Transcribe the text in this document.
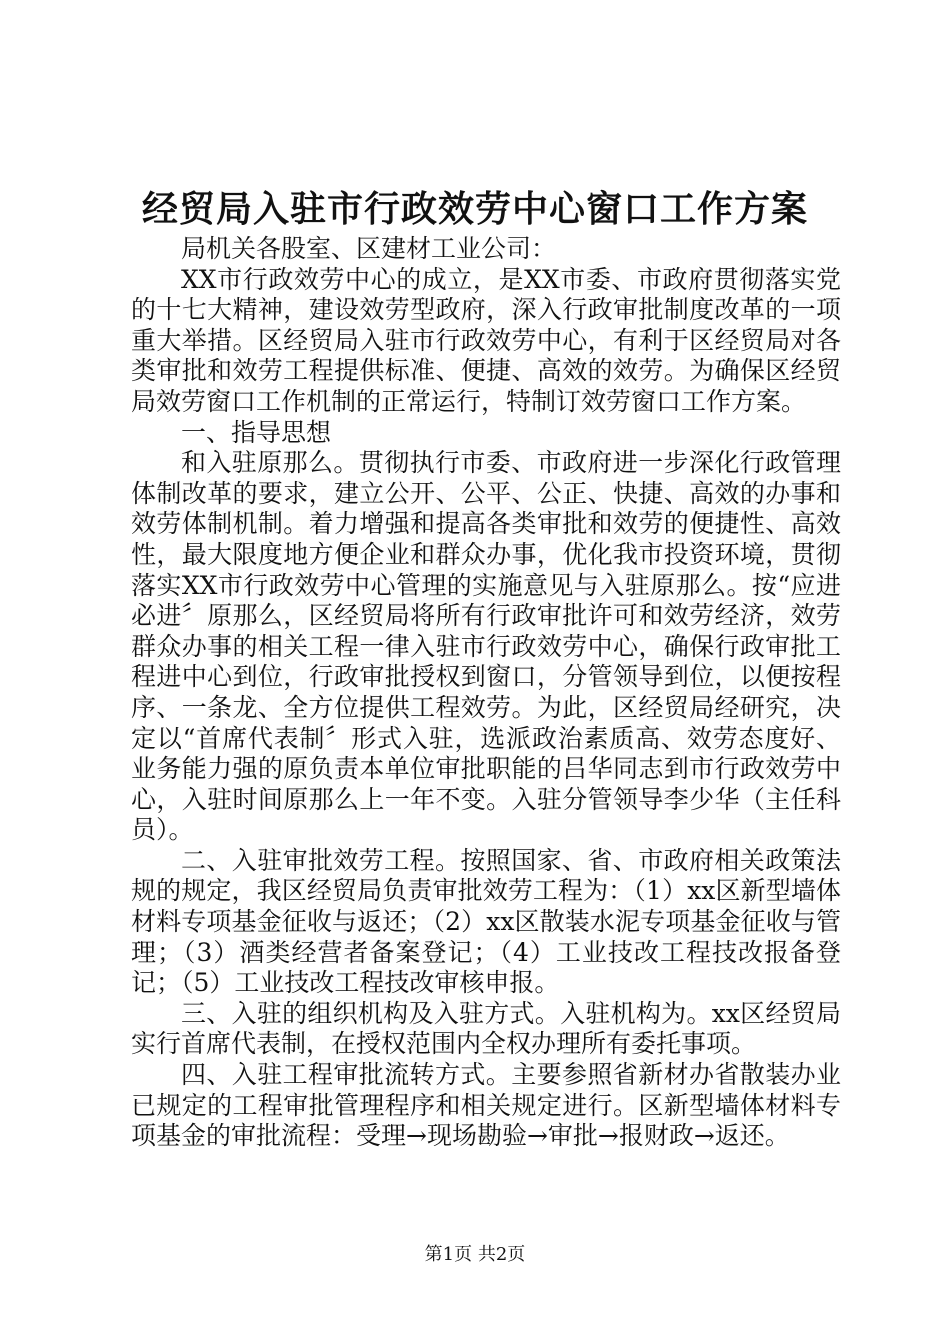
经贸局入驻市行政效劳中心窗口工作方案

局机关各股室、区建材工业公司：

XX市行政效劳中心的成立，是XX市委、市政府贯彻落实党的十七大精神，建设效劳型政府，深入行政审批制度改革的一项重大举措。区经贸局入驻市行政效劳中心，有利于区经贸局对各类审批和效劳工程提供标准、便捷、高效的效劳。为确保区经贸局效劳窗口工作机制的正常运行，特制订效劳窗口工作方案。

一、指导思想

和入驻原那么。贯彻执行市委、市政府进一步深化行政管理体制改革的要求，建立公开、公平、公正、快捷、高效的办事和效劳体制机制。着力增强和提高各类审批和效劳的便捷性、高效性，最大限度地方便企业和群众办事，优化我市投资环境，贯彻落实XX市行政效劳中心管理的实施意见与入驻原那么。按“应进必进〞原那么，区经贸局将所有行政审批许可和效劳经济，效劳群众办事的相关工程一律入驻市行政效劳中心，确保行政审批工程进中心到位，行政审批授权到窗口，分管领导到位，以便按程序、一条龙、全方位提供工程效劳。为此，区经贸局经研究，决定以“首席代表制〞形式入驻，选派政治素质高、效劳态度好、业务能力强的原负责本单位审批职能的吕华同志到市行政效劳中心，入驻时间原那么上一年不变。入驻分管领导李少华（主任科员）。

二、入驻审批效劳工程。按照国家、省、市政府相关政策法规的规定，我区经贸局负责审批效劳工程为：（1）xx区新型墙体材料专项基金征收与返还；（2）xx区散装水泥专项基金征收与管理；（3）酒类经营者备案登记；（4）工业技改工程技改报备登记；（5）工业技改工程技改审核申报。

三、入驻的组织机构及入驻方式。入驻机构为。xx区经贸局实行首席代表制，在授权范围内全权办理所有委托事项。

四、入驻工程审批流转方式。主要参照省新材办省散装办业已规定的工程审批管理程序和相关规定进行。区新型墙体材料专项基金的审批流程：受理→现场勘验→审批→报财政→返还。

第1页 共2页
